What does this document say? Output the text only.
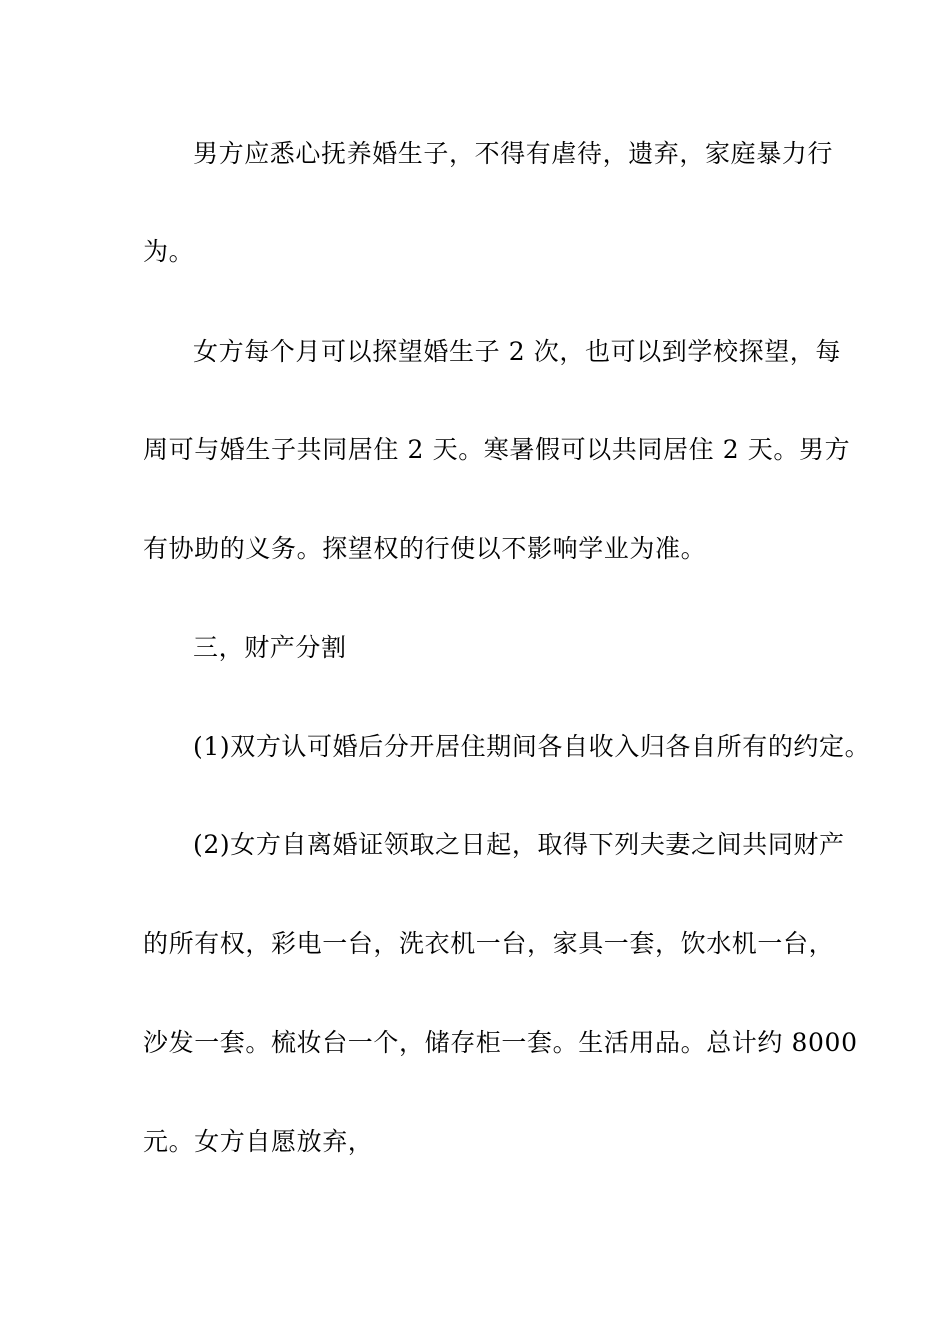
男方应悉心抚养婚生子，不得有虐待，遗弃，家庭暴力行
为。
女方每个月可以探望婚生子 2 次，也可以到学校探望，每
周可与婚生子共同居住 2 天。寒暑假可以共同居住 2 天。男方
有协助的义务。探望权的行使以不影响学业为准。
三，财产分割
(1)双方认可婚后分开居住期间各自收入归各自所有的约定。
(2)女方自离婚证领取之日起，取得下列夫妻之间共同财产
的所有权，彩电一台，洗衣机一台，家具一套，饮水机一台，
沙发一套。梳妆台一个，储存柜一套。生活用品。总计约 8000
元。女方自愿放弃，
